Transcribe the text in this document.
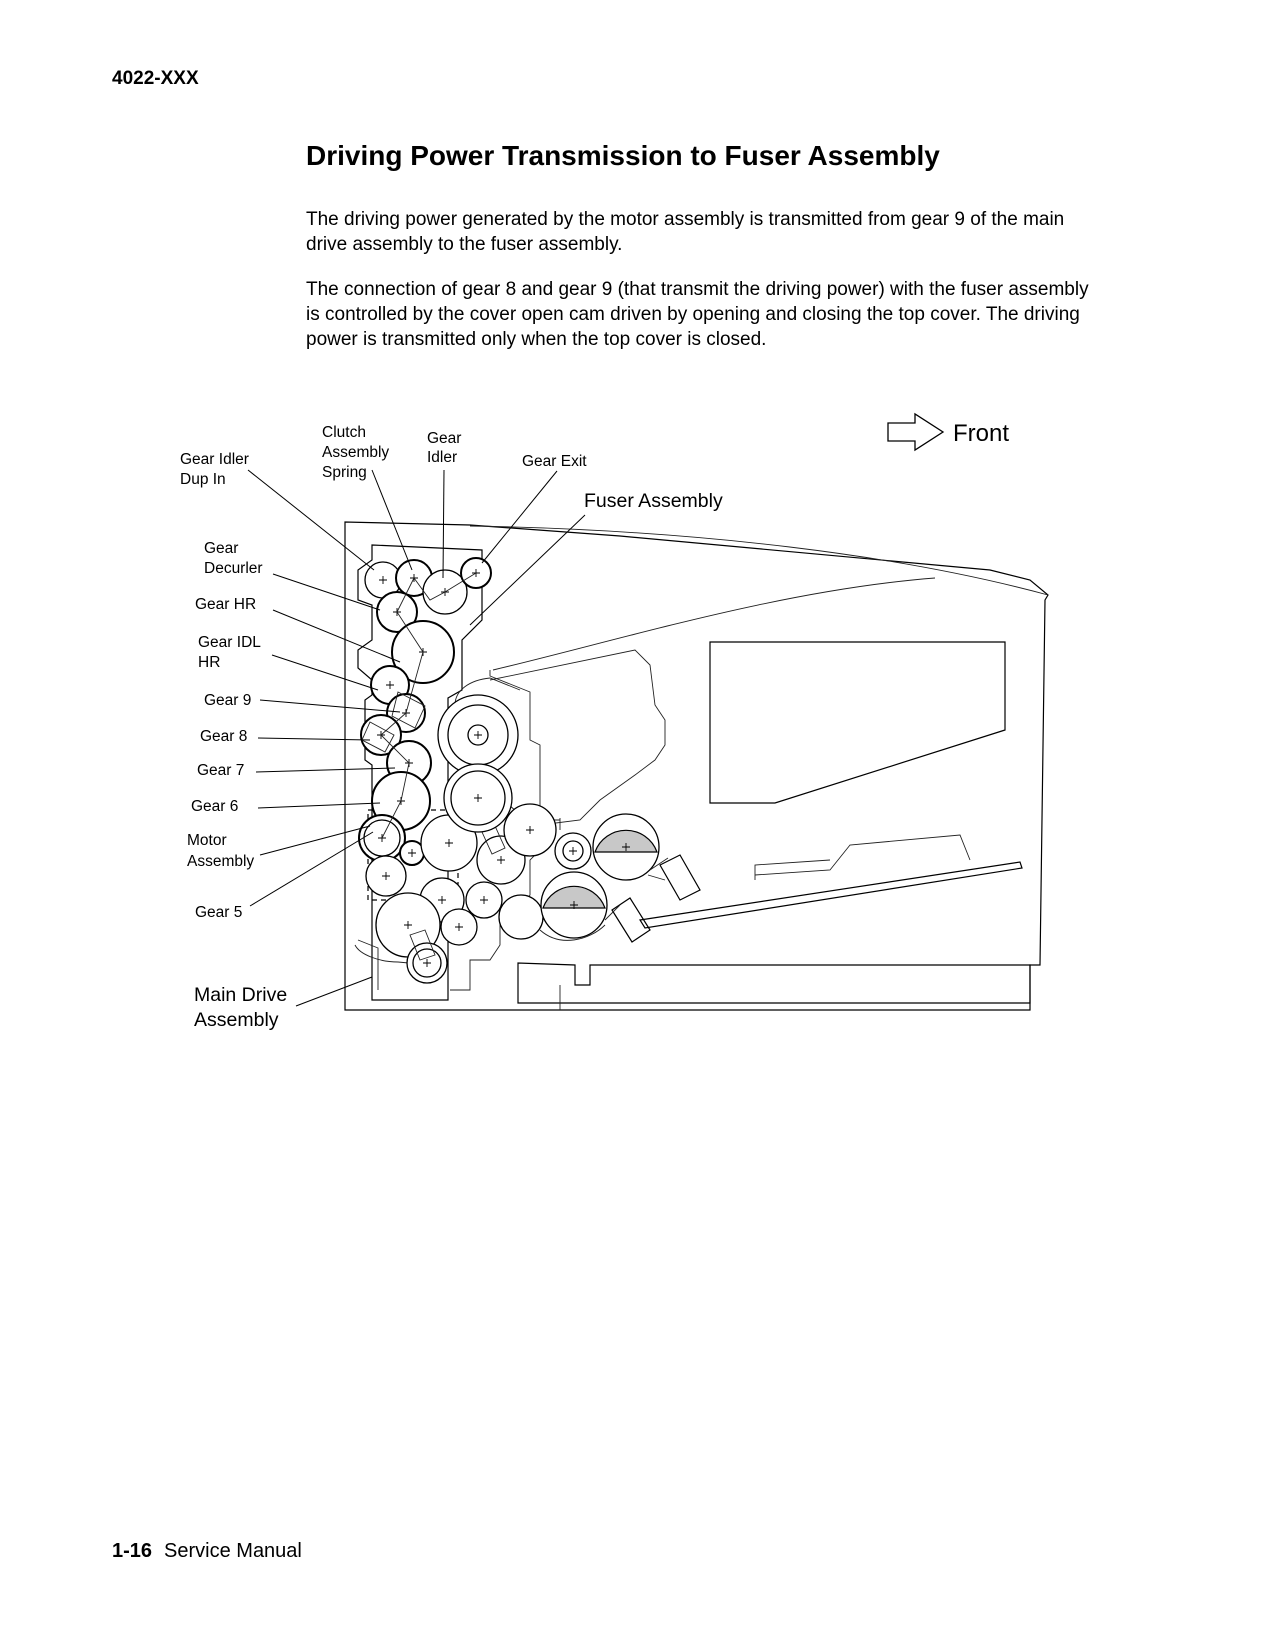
4022-XXX
Driving Power Transmission to Fuser Assembly

The driving power generated by the motor assembly is transmitted from gear 9 of the main drive assembly to the fuser assembly.

The connection of gear 8 and gear 9 (that transmit the driving power) with the fuser assembly is controlled by the cover open cam driven by opening and closing the top cover. The driving power is transmitted only when the top cover is closed.

Gear Idler Dup In
Clutch Assembly Spring
Gear Idler	Gear Exit
Fuser Assembly
Front
Gear Decurler
Gear HR
Gear IDL HR
Gear 9
Gear 8
Gear 7
Gear 6
Motor Assembly
Gear 5
Main Drive Assembly
1-16 Service Manual
